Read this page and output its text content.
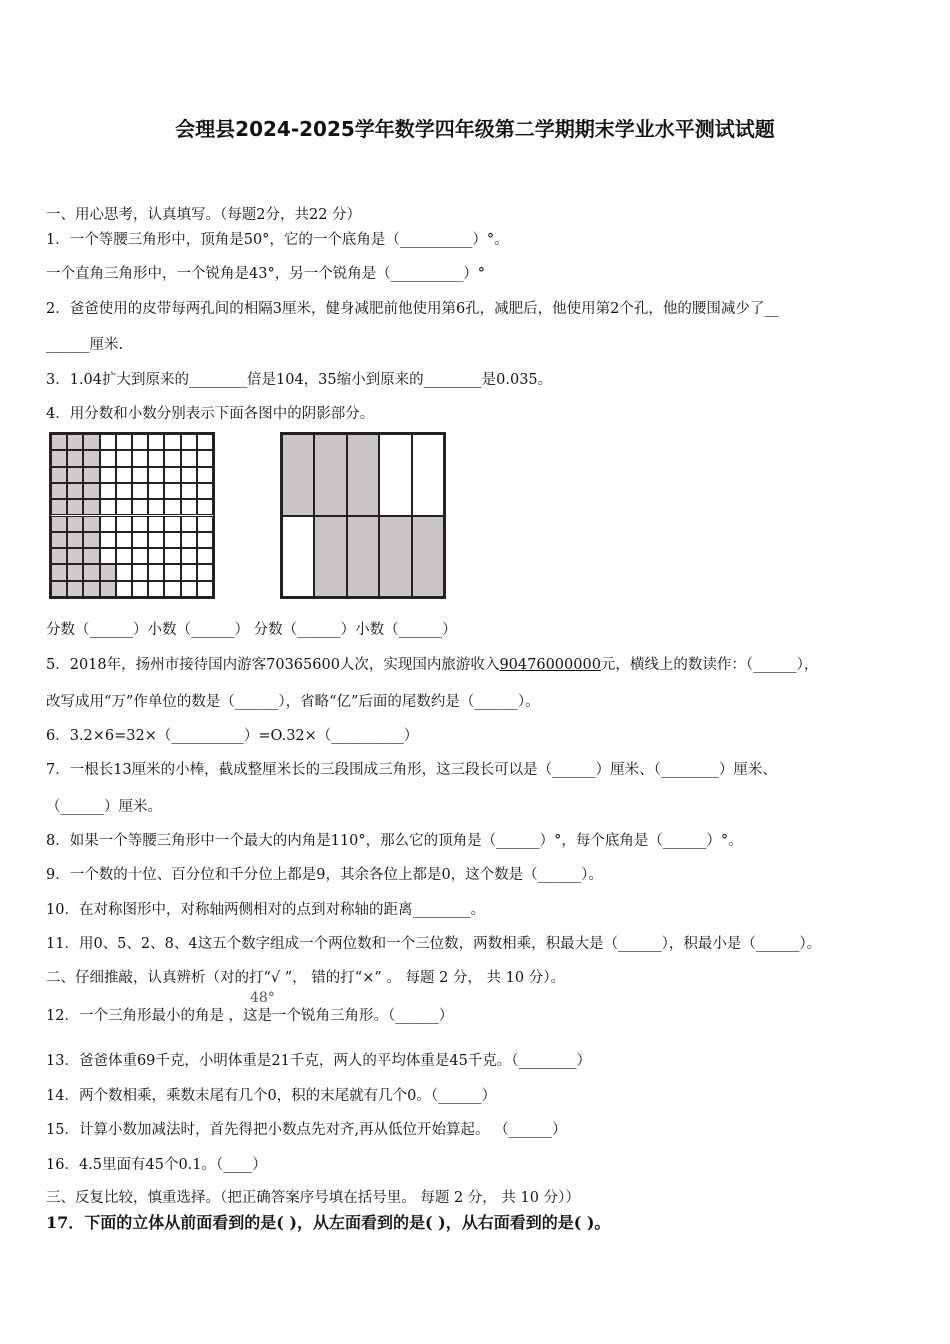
会理县2024-2025学年数学四年级第二学期期末学业水平测试试题
一、用心思考，认真填写。（每题2分，共22 分）
1．一个等腰三角形中，顶角是50°，它的一个底角是（__________）°。
一个直角三角形中，一个锐角是43°，另一个锐角是（__________）°
2．爸爸使用的皮带每两孔间的相隔3厘米，健身减肥前他使用第6孔，减肥后，他使用第2个孔，他的腰围减少了__
______厘米.
3．1.04扩大到原来的________倍是104，35缩小到原来的________是0.035。
4．用分数和小数分别表示下面各图中的阴影部分。
分数（______）小数（______） 分数（______）小数（______）
改写成用“万”作单位的数是（______），省略“亿”后面的尾数约是（______）。
6．3.2×6=32×（__________）=O.32×（__________）
7．一根长13厘米的小棒，截成整厘米长的三段围成三角形，这三段长可以是（______）厘米、（________）厘米、
（______）厘米。
8．如果一个等腰三角形中一个最大的内角是110°，那么它的顶角是（______）°，每个底角是（______）°。
9．一个数的十位、百分位和千分位上都是9，其余各位上都是0，这个数是（______）。
10．在对称图形中，对称轴两侧相对的点到对称轴的距离________。
11．用0、5、2、8、4这五个数字组成一个两位数和一个三位数，两数相乘，积最大是（______），积最小是（______）。
二、仔细推敲，认真辨析（对的打“√ ”， 错的打“×” 。 每题 2 分， 共 10 分）。
12．一个三角形最小的角是 ，这是一个锐角三角形。（______）
13．爸爸体重69千克，小明体重是21千克，两人的平均体重是45千克。（________）
14．两个数相乘，乘数末尾有几个0，积的末尾就有几个0。（______）
15．计算小数加减法时，首先得把小数点先对齐,再从低位开始算起。 （______）
16．4.5里面有45个0.1。（____）
三、反复比较，慎重选择。（把正确答案序号填在括号里。 每题 2 分， 共 10 分））
17．下面的立体从前面看到的是( )，从左面看到的是( )，从右面看到的是( )。
5．2018年，扬州市接待国内游客70365600人次，实现国内旅游收入90476000000元，横线上的数读作：（______），
48°
